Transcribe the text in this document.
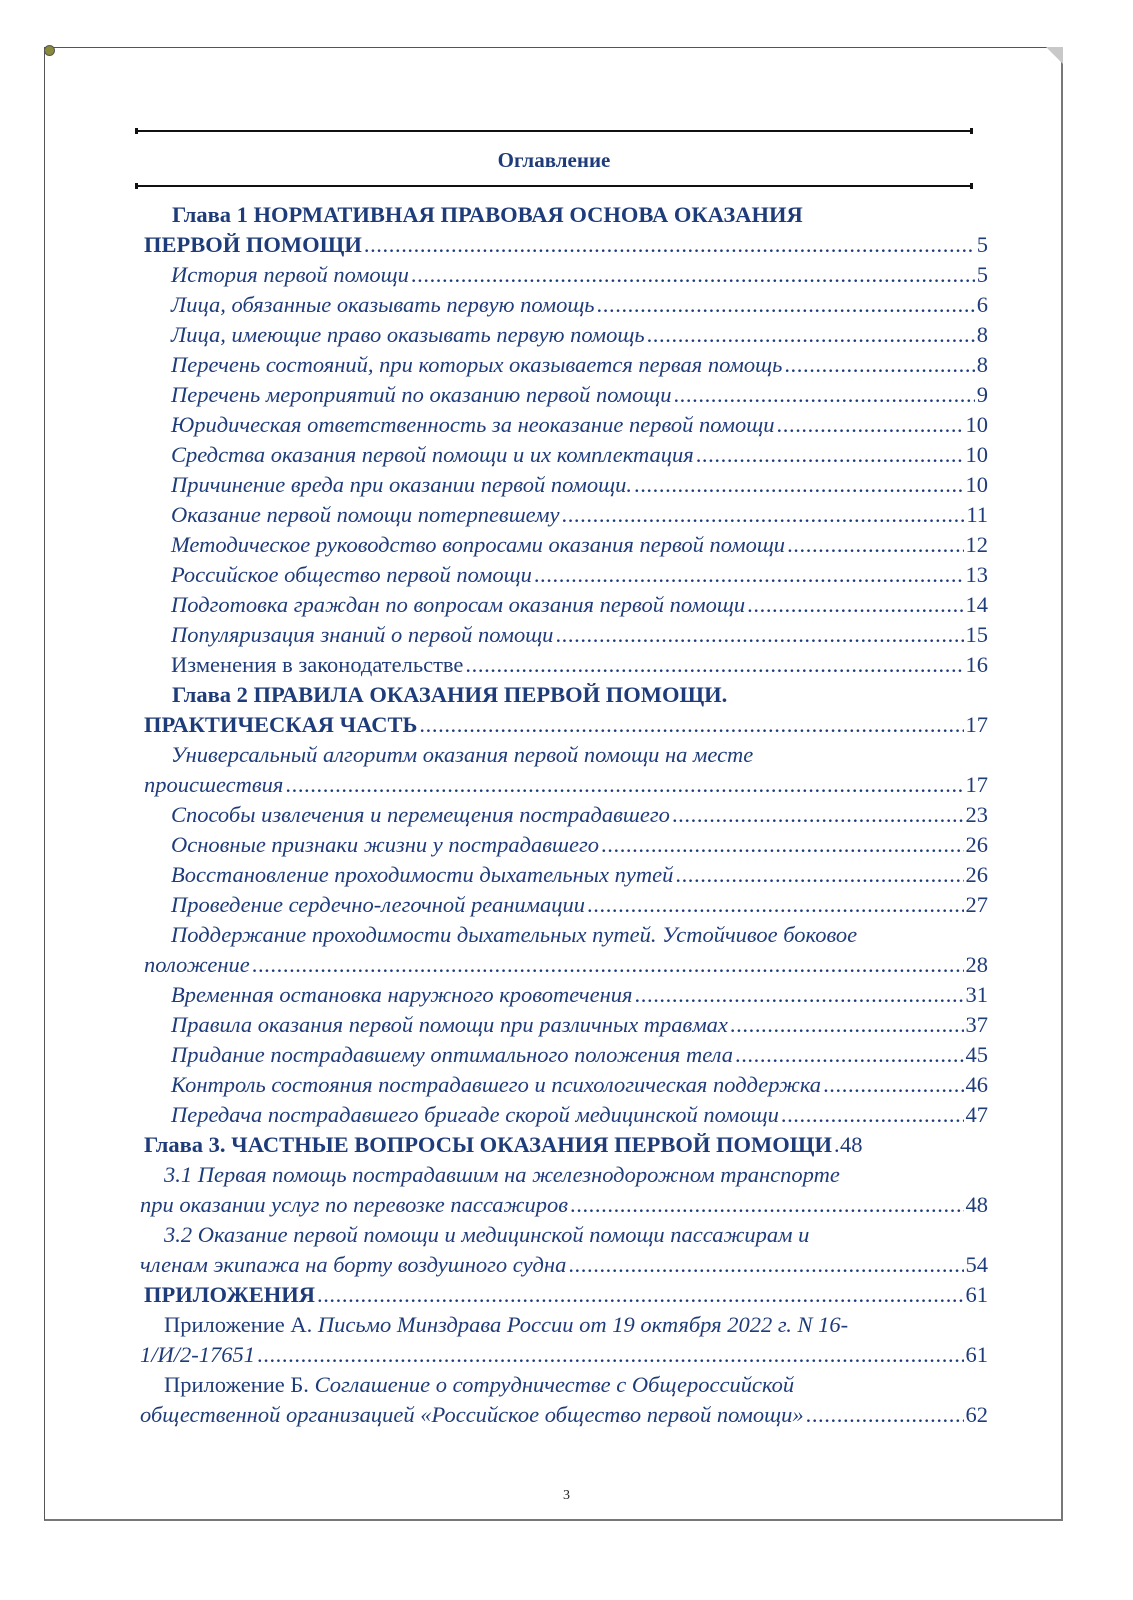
Оглавление
Глава 1 НОРМАТИВНАЯ ПРАВОВАЯ ОСНОВА ОКАЗАНИЯ
ПЕРВОЙ ПОМОЩИ .....	5
История первой помощи .....	5
Лица, обязанные оказывать первую помощь .....	6
Лица, имеющие право оказывать первую помощь .....	8
Перечень состояний, при которых оказывается первая помощь .....	8
Перечень мероприятий по оказанию первой помощи .....	9
Юридическая ответственность за неоказание первой помощи .....	10
Средства оказания первой помощи и их комплектация .....	10
Причинение вреда при оказании первой помощи. .....	10
Оказание первой помощи потерпевшему .....	11
Методическое руководство вопросами оказания первой помощи .....	12
Российское общество первой помощи .....	13
Подготовка граждан по вопросам оказания первой помощи .....	14
Популяризация знаний о первой помощи .....	15
Изменения в законодательстве .....	16
Глава 2 ПРАВИЛА ОКАЗАНИЯ ПЕРВОЙ ПОМОЩИ.
ПРАКТИЧЕСКАЯ ЧАСТЬ .....	17
Универсальный алгоритм оказания первой помощи на месте
происшествия .....	17
Способы извлечения и перемещения пострадавшего .....	23
Основные признаки жизни у пострадавшего .....	26
Восстановление проходимости дыхательных путей .....	26
Проведение сердечно-легочной реанимации .....	27
Поддержание проходимости дыхательных путей. Устойчивое боковое
положение .....	28
Временная остановка наружного кровотечения .....	31
Правила оказания первой помощи при различных травмах .....	37
Придание пострадавшему оптимального положения тела .....	45
Контроль состояния пострадавшего и психологическая поддержка .....	46
Передача пострадавшего бригаде скорой медицинской помощи .....	47
Глава 3. ЧАСТНЫЕ ВОПРОСЫ ОКАЗАНИЯ ПЕРВОЙ ПОМОЩИ ..... 48
3.1 Первая помощь пострадавшим на железнодорожном транспорте
при оказании услуг по перевозке пассажиров .....	48
3.2 Оказание первой помощи и медицинской помощи пассажирам и
членам экипажа на борту воздушного судна .....	54
ПРИЛОЖЕНИЯ .....	61
Приложение А. Письмо Минздрава России от 19 октября 2022 г. N 16-
1/И/2-17651 .....	61
Приложение Б. Соглашение о сотрудничестве с Общероссийской
общественной организацией «Российское общество первой помощи» .....	62
3
